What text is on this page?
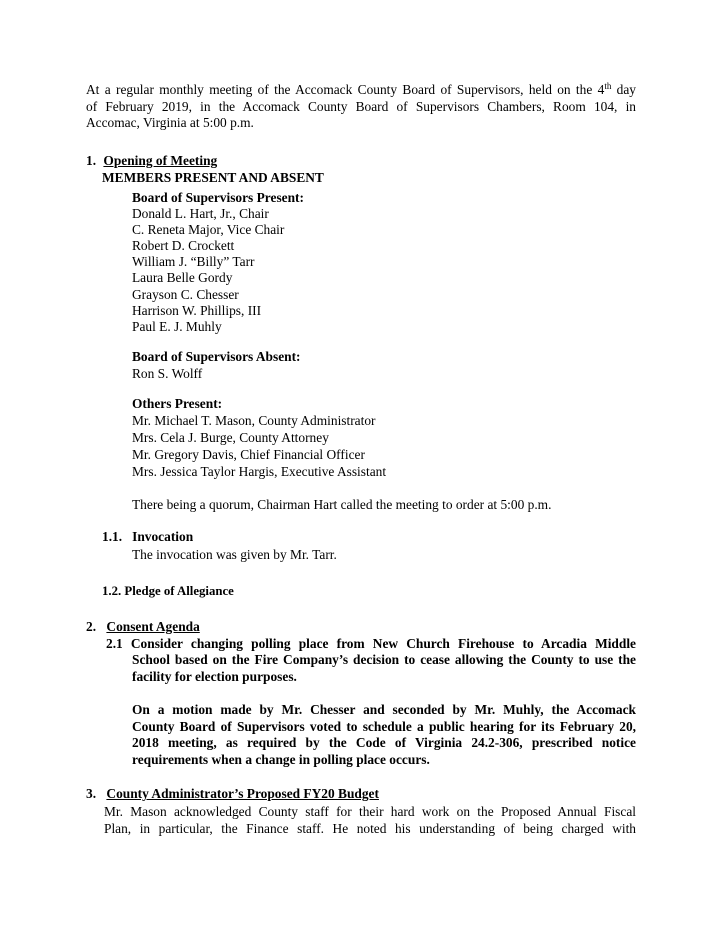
At a regular monthly meeting of the Accomack County Board of Supervisors, held on the 4th day
of February 2019, in the Accomack County Board of Supervisors Chambers, Room 104, in
Accomac, Virginia at 5:00 p.m.
1. Opening of Meeting
MEMBERS PRESENT AND ABSENT
Board of Supervisors Present:
Donald L. Hart, Jr., Chair
C. Reneta Major, Vice Chair
Robert D. Crockett
William J. “Billy” Tarr
Laura Belle Gordy
Grayson C. Chesser
Harrison W. Phillips, III
Paul E. J. Muhly
Board of Supervisors Absent:
Ron S. Wolff
Others Present:
Mr. Michael T. Mason, County Administrator
Mrs. Cela J. Burge, County Attorney
Mr. Gregory Davis, Chief Financial Officer
Mrs. Jessica Taylor Hargis, Executive Assistant
There being a quorum, Chairman Hart called the meeting to order at 5:00 p.m.
1.1.   Invocation
The invocation was given by Mr. Tarr.
1.2. Pledge of Allegiance
2. Consent Agenda
2.1 Consider changing polling place from New Church Firehouse to Arcadia Middle
School based on the Fire Company’s decision to cease allowing the County to use the
facility for election purposes.
On a motion made by Mr. Chesser and seconded by Mr. Muhly, the Accomack
County Board of Supervisors voted to schedule a public hearing for its February 20,
2018 meeting, as required by the Code of Virginia 24.2-306, prescribed notice
requirements when a change in polling place occurs.
3. County Administrator’s Proposed FY20 Budget
Mr. Mason acknowledged County staff for their hard work on the Proposed Annual Fiscal
Plan, in particular, the Finance staff. He noted his understanding of being charged with
